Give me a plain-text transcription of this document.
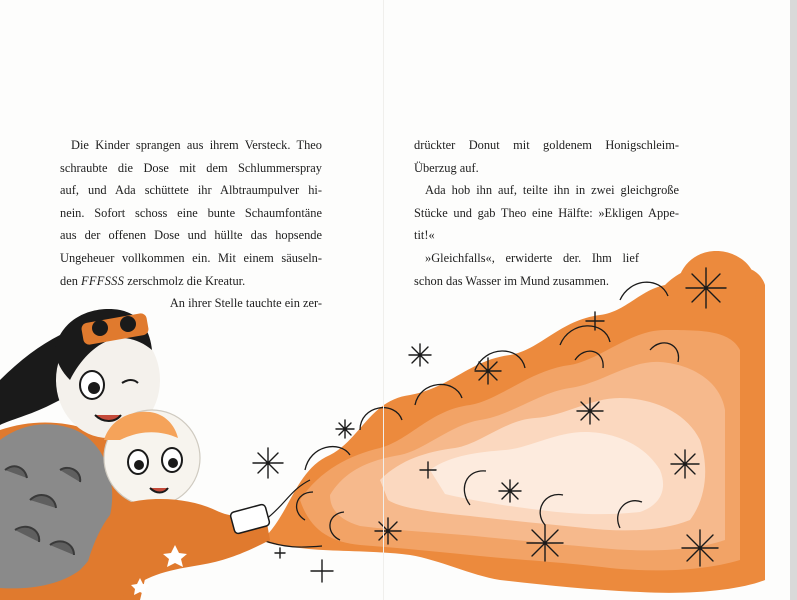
Die Kinder sprangen aus ihrem Versteck. Theo
schraubte die Dose mit dem Schlummerspray
auf, und Ada schüttete ihr Albtraumpulver hi-
nein. Sofort schoss eine bunte Schaumfontäne
aus der offenen Dose und hüllte das hopsende
Ungeheuer vollkommen ein. Mit einem säuseln-
den FFFSSS zerschmolz die Kreatur.
An ihrer Stelle tauchte ein zer-
drückter Donut mit goldenem Honigschleim-
Überzug auf.
Ada hob ihn auf, teilte ihn in zwei gleichgroße
Stücke und gab Theo eine Hälfte: »Ekligen Appe-
tit!«
»Gleichfalls«, erwiderte der. Ihm lief
schon das Wasser im Mund zusammen.
